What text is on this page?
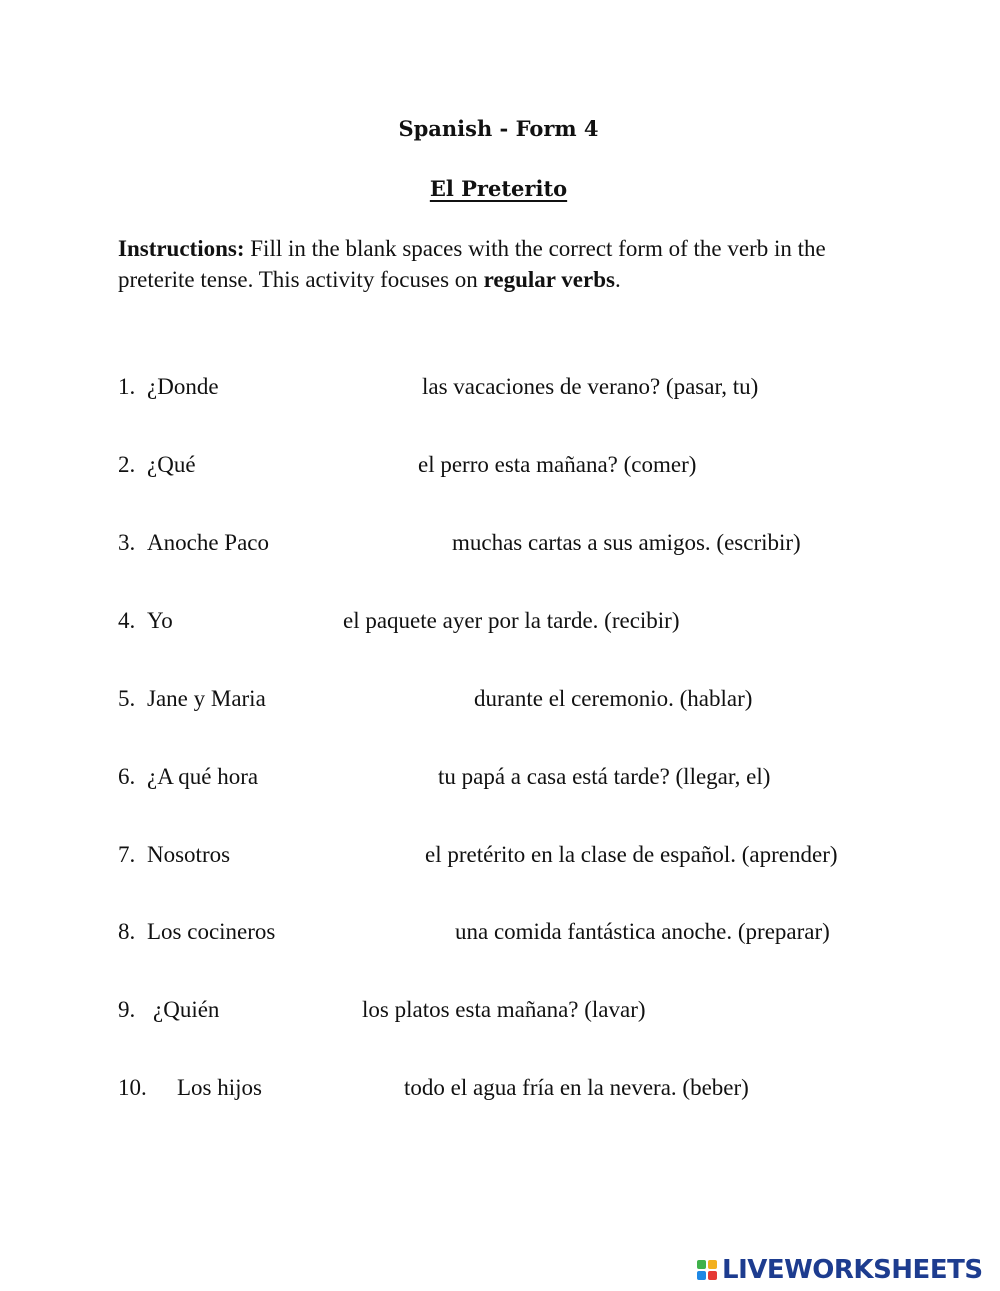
Spanish - Form 4
El Preterito

Instructions: Fill in the blank spaces with the correct form of the verb in the preterite tense. This activity focuses on regular verbs.

1. ¿Donde	las vacaciones de verano? (pasar, tu)
2. ¿Qué	el perro esta mañana? (comer)
3. Anoche Paco	muchas cartas a sus amigos. (escribir)
4. Yo	el paquete ayer por la tarde. (recibir)
5. Jane y Maria	durante el ceremonio. (hablar)
6. ¿A qué hora	tu papá a casa está tarde? (llegar, el)
7. Nosotros	el pretérito en la clase de español. (aprender)
8. Los cocineros	una comida fantástica anoche. (preparar)
9. ¿Quién	los platos esta mañana? (lavar)
10. Los hijos	todo el agua fría en la nevera. (beber)
LIVEWORKSHEETS
